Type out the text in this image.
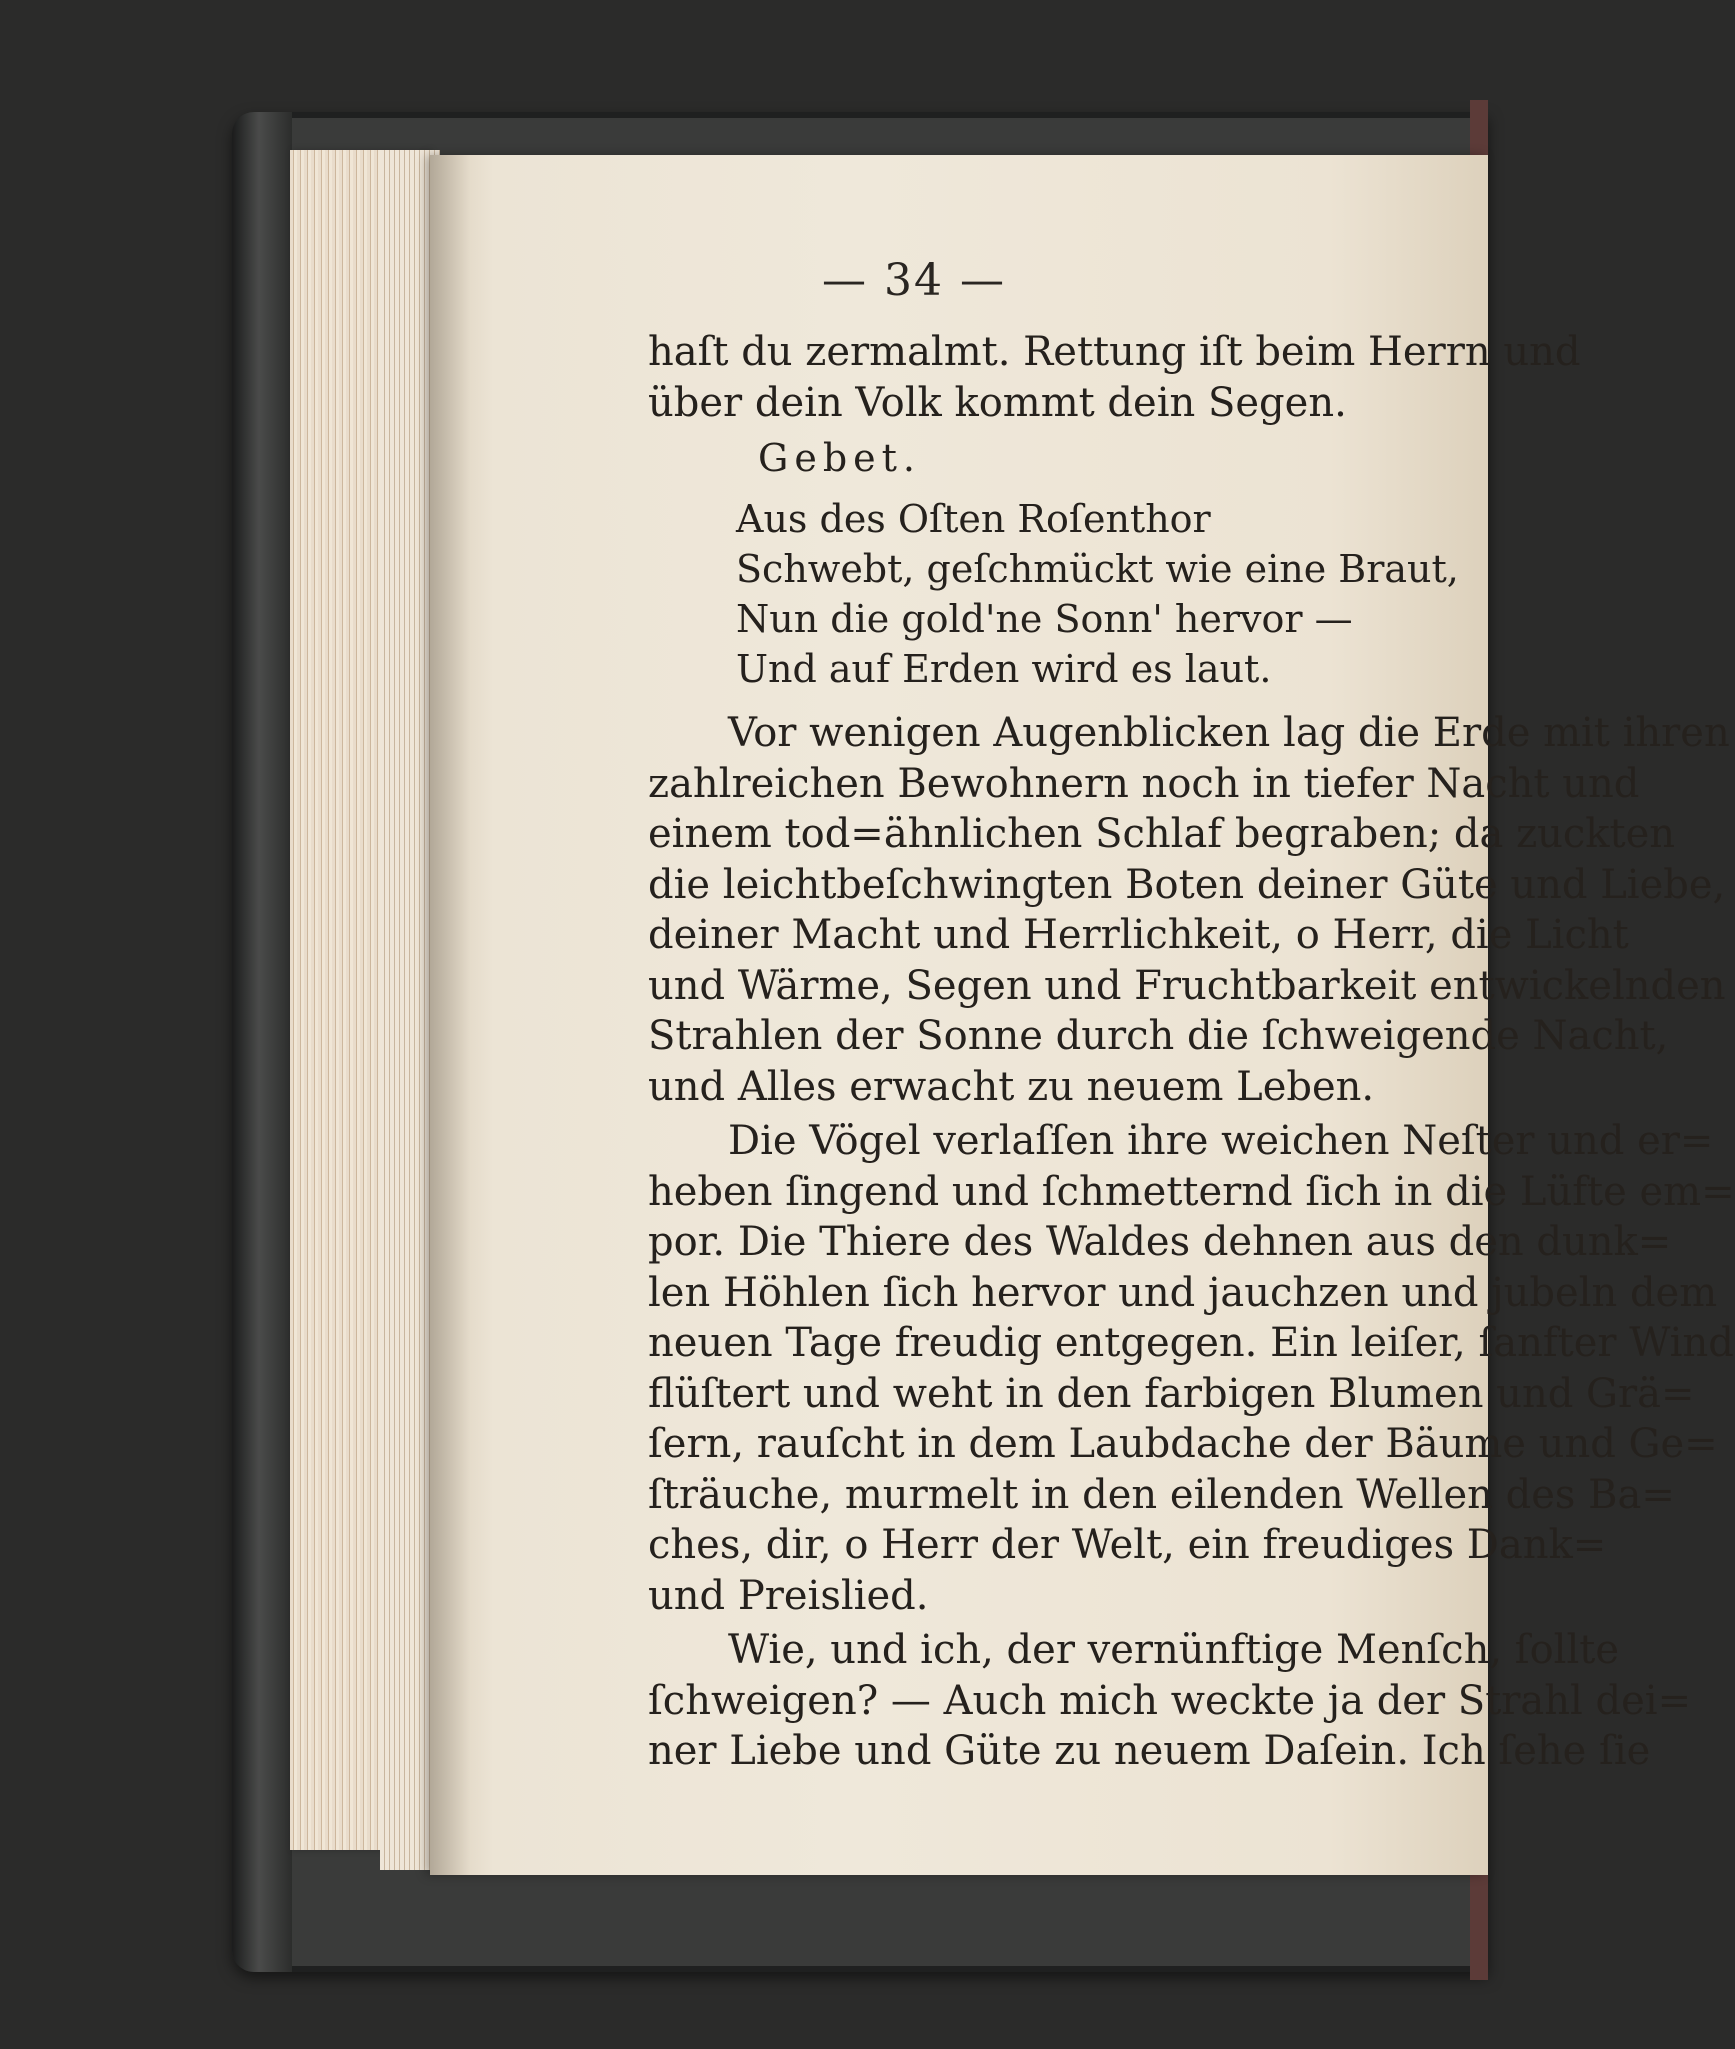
— 34 —
haſt du zermalmt. Rettung iſt beim Herrn und
über dein Volk kommt dein Segen.
Gebet.
Aus des Oſten Roſenthor
Schwebt, geſchmückt wie eine Braut,
Nun die gold'ne Sonn' hervor —
Und auf Erden wird es laut.
Vor wenigen Augenblicken lag die Erde mit ihren
zahlreichen Bewohnern noch in tiefer Nacht und
einem tod=ähnlichen Schlaf begraben; da zuckten
die leichtbeſchwingten Boten deiner Güte und Liebe,
deiner Macht und Herrlichkeit, o Herr, die Licht
und Wärme, Segen und Fruchtbarkeit entwickelnden
Strahlen der Sonne durch die ſchweigende Nacht,
und Alles erwacht zu neuem Leben.
Die Vögel verlaſſen ihre weichen Neſter und er=
heben ſingend und ſchmetternd ſich in die Lüfte em=
por. Die Thiere des Waldes dehnen aus den dunk=
len Höhlen ſich hervor und jauchzen und jubeln dem
neuen Tage freudig entgegen. Ein leiſer, ſanfter Wind
flüſtert und weht in den farbigen Blumen und Grä=
ſern, rauſcht in dem Laubdache der Bäume und Ge=
ſträuche, murmelt in den eilenden Wellen des Ba=
ches, dir, o Herr der Welt, ein freudiges Dank=
und Preislied.
Wie, und ich, der vernünftige Menſch, ſollte
ſchweigen? — Auch mich weckte ja der Strahl dei=
ner Liebe und Güte zu neuem Daſein. Ich ſehe ſie
